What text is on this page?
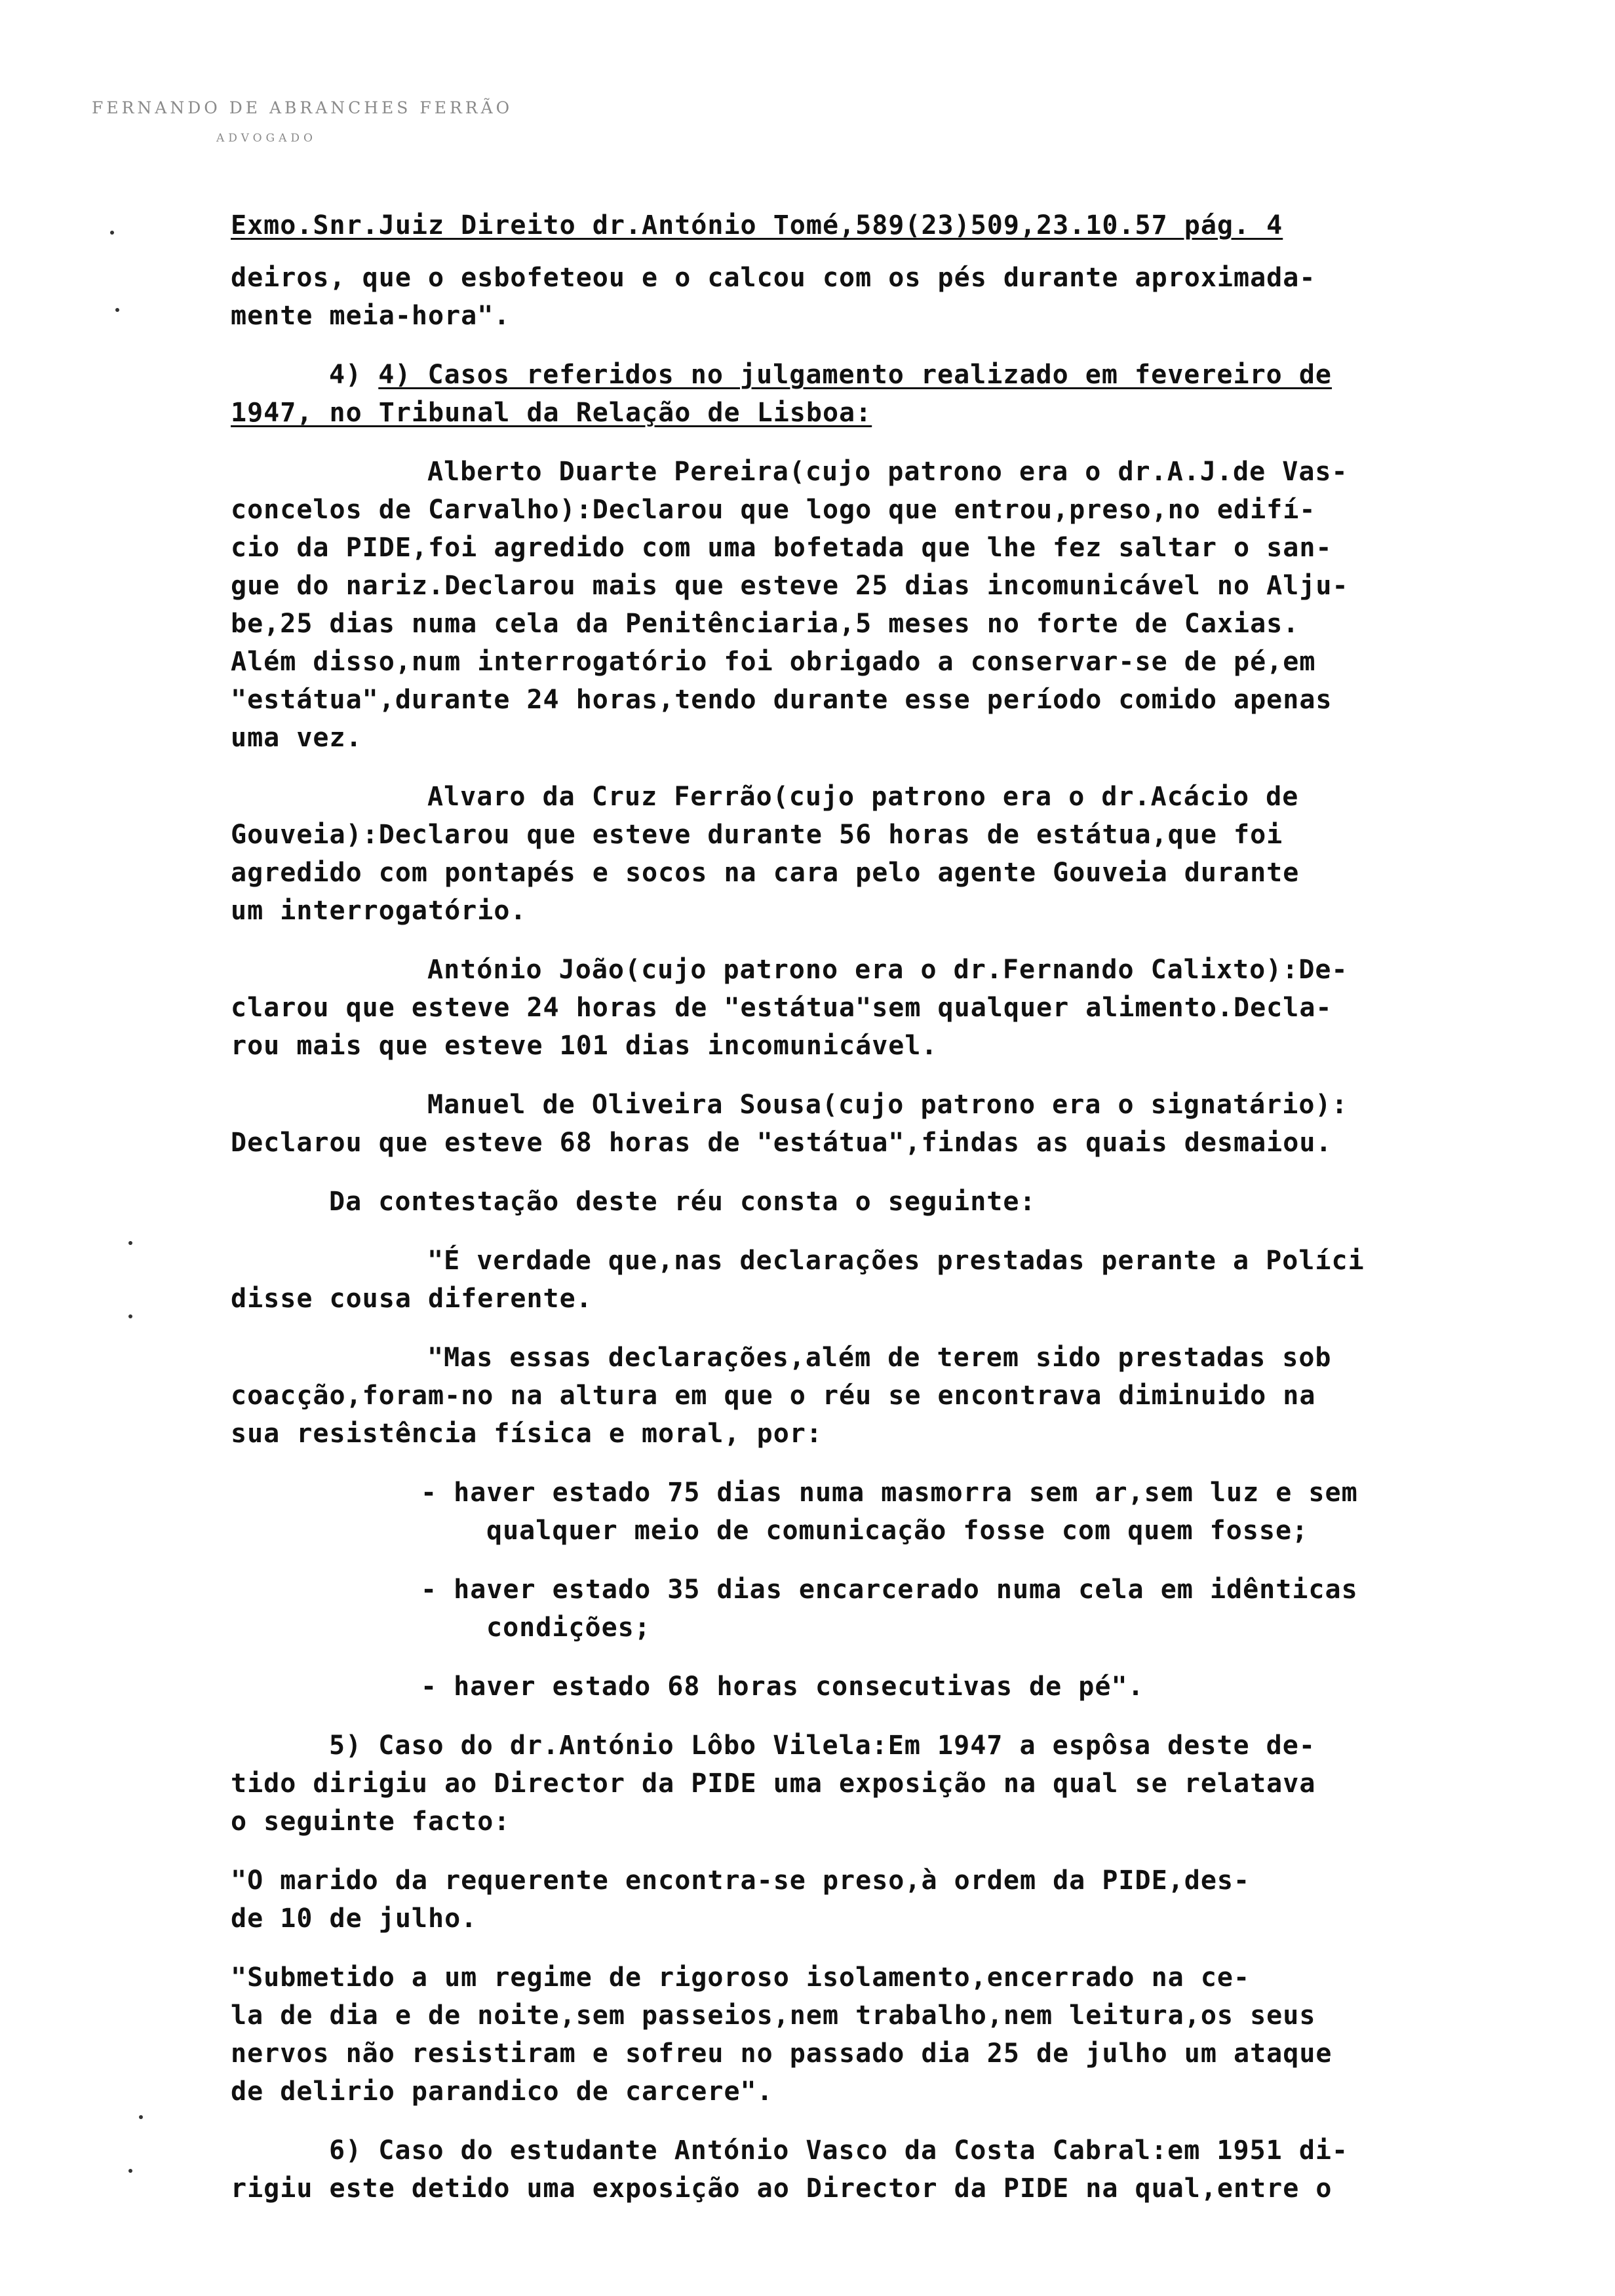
FERNANDO DE ABRANCHES FERRÃO
ADVOGADO

Exmo.Snr.Juiz Direito dr.António Tomé,589(23)509,23.10.57 pág. 4

deiros, que o esbofeteou e o calcou com os pés durante aproximada-

mente meia-hora".

4) 4) Casos referidos no julgamento realizado em fevereiro de

1947, no Tribunal da Relação de Lisboa:

Alberto Duarte Pereira(cujo patrono era o dr.A.J.de Vas-

concelos de Carvalho):Declarou que logo que entrou,preso,no edifí-

cio da PIDE,foi agredido com uma bofetada que lhe fez saltar o san-

gue do nariz.Declarou mais que esteve 25 dias incomunicável no Alju-

be,25 dias numa cela da Penitênciaria,5 meses no forte de Caxias.

Além disso,num interrogatório foi obrigado a conservar-se de pé,em

"estátua",durante 24 horas,tendo durante esse período comido apenas

uma vez.

Alvaro da Cruz Ferrão(cujo patrono era o dr.Acácio de

Gouveia):Declarou que esteve durante 56 horas de estátua,que foi

agredido com pontapés e socos na cara pelo agente Gouveia durante

um interrogatório.

António João(cujo patrono era o dr.Fernando Calixto):De-

clarou que esteve 24 horas de "estátua"sem qualquer alimento.Decla-

rou mais que esteve 101 dias incomunicável.

Manuel de Oliveira Sousa(cujo patrono era o signatário):

Declarou que esteve 68 horas de "estátua",findas as quais desmaiou.

Da contestação deste réu consta o seguinte:

"É verdade que,nas declarações prestadas perante a Políci

disse cousa diferente.

"Mas essas declarações,além de terem sido prestadas sob

coacção,foram-no na altura em que o réu se encontrava diminuido na

sua resistência física e moral, por:

- haver estado 75 dias numa masmorra sem ar,sem luz e sem

qualquer meio de comunicação fosse com quem fosse;

- haver estado 35 dias encarcerado numa cela em idênticas

condições;

- haver estado 68 horas consecutivas de pé".

5) Caso do dr.António Lôbo Vilela:Em 1947 a espôsa deste de-

tido dirigiu ao Director da PIDE uma exposição na qual se relatava

o seguinte facto:

"O marido da requerente encontra-se preso,à ordem da PIDE,des-

de 10 de julho.

"Submetido a um regime de rigoroso isolamento,encerrado na ce-

la de dia e de noite,sem passeios,nem trabalho,nem leitura,os seus

nervos não resistiram e sofreu no passado dia 25 de julho um ataque

de delirio parandico de carcere".

6) Caso do estudante António Vasco da Costa Cabral:em 1951 di-

rigiu este detido uma exposição ao Director da PIDE na qual,entre o
